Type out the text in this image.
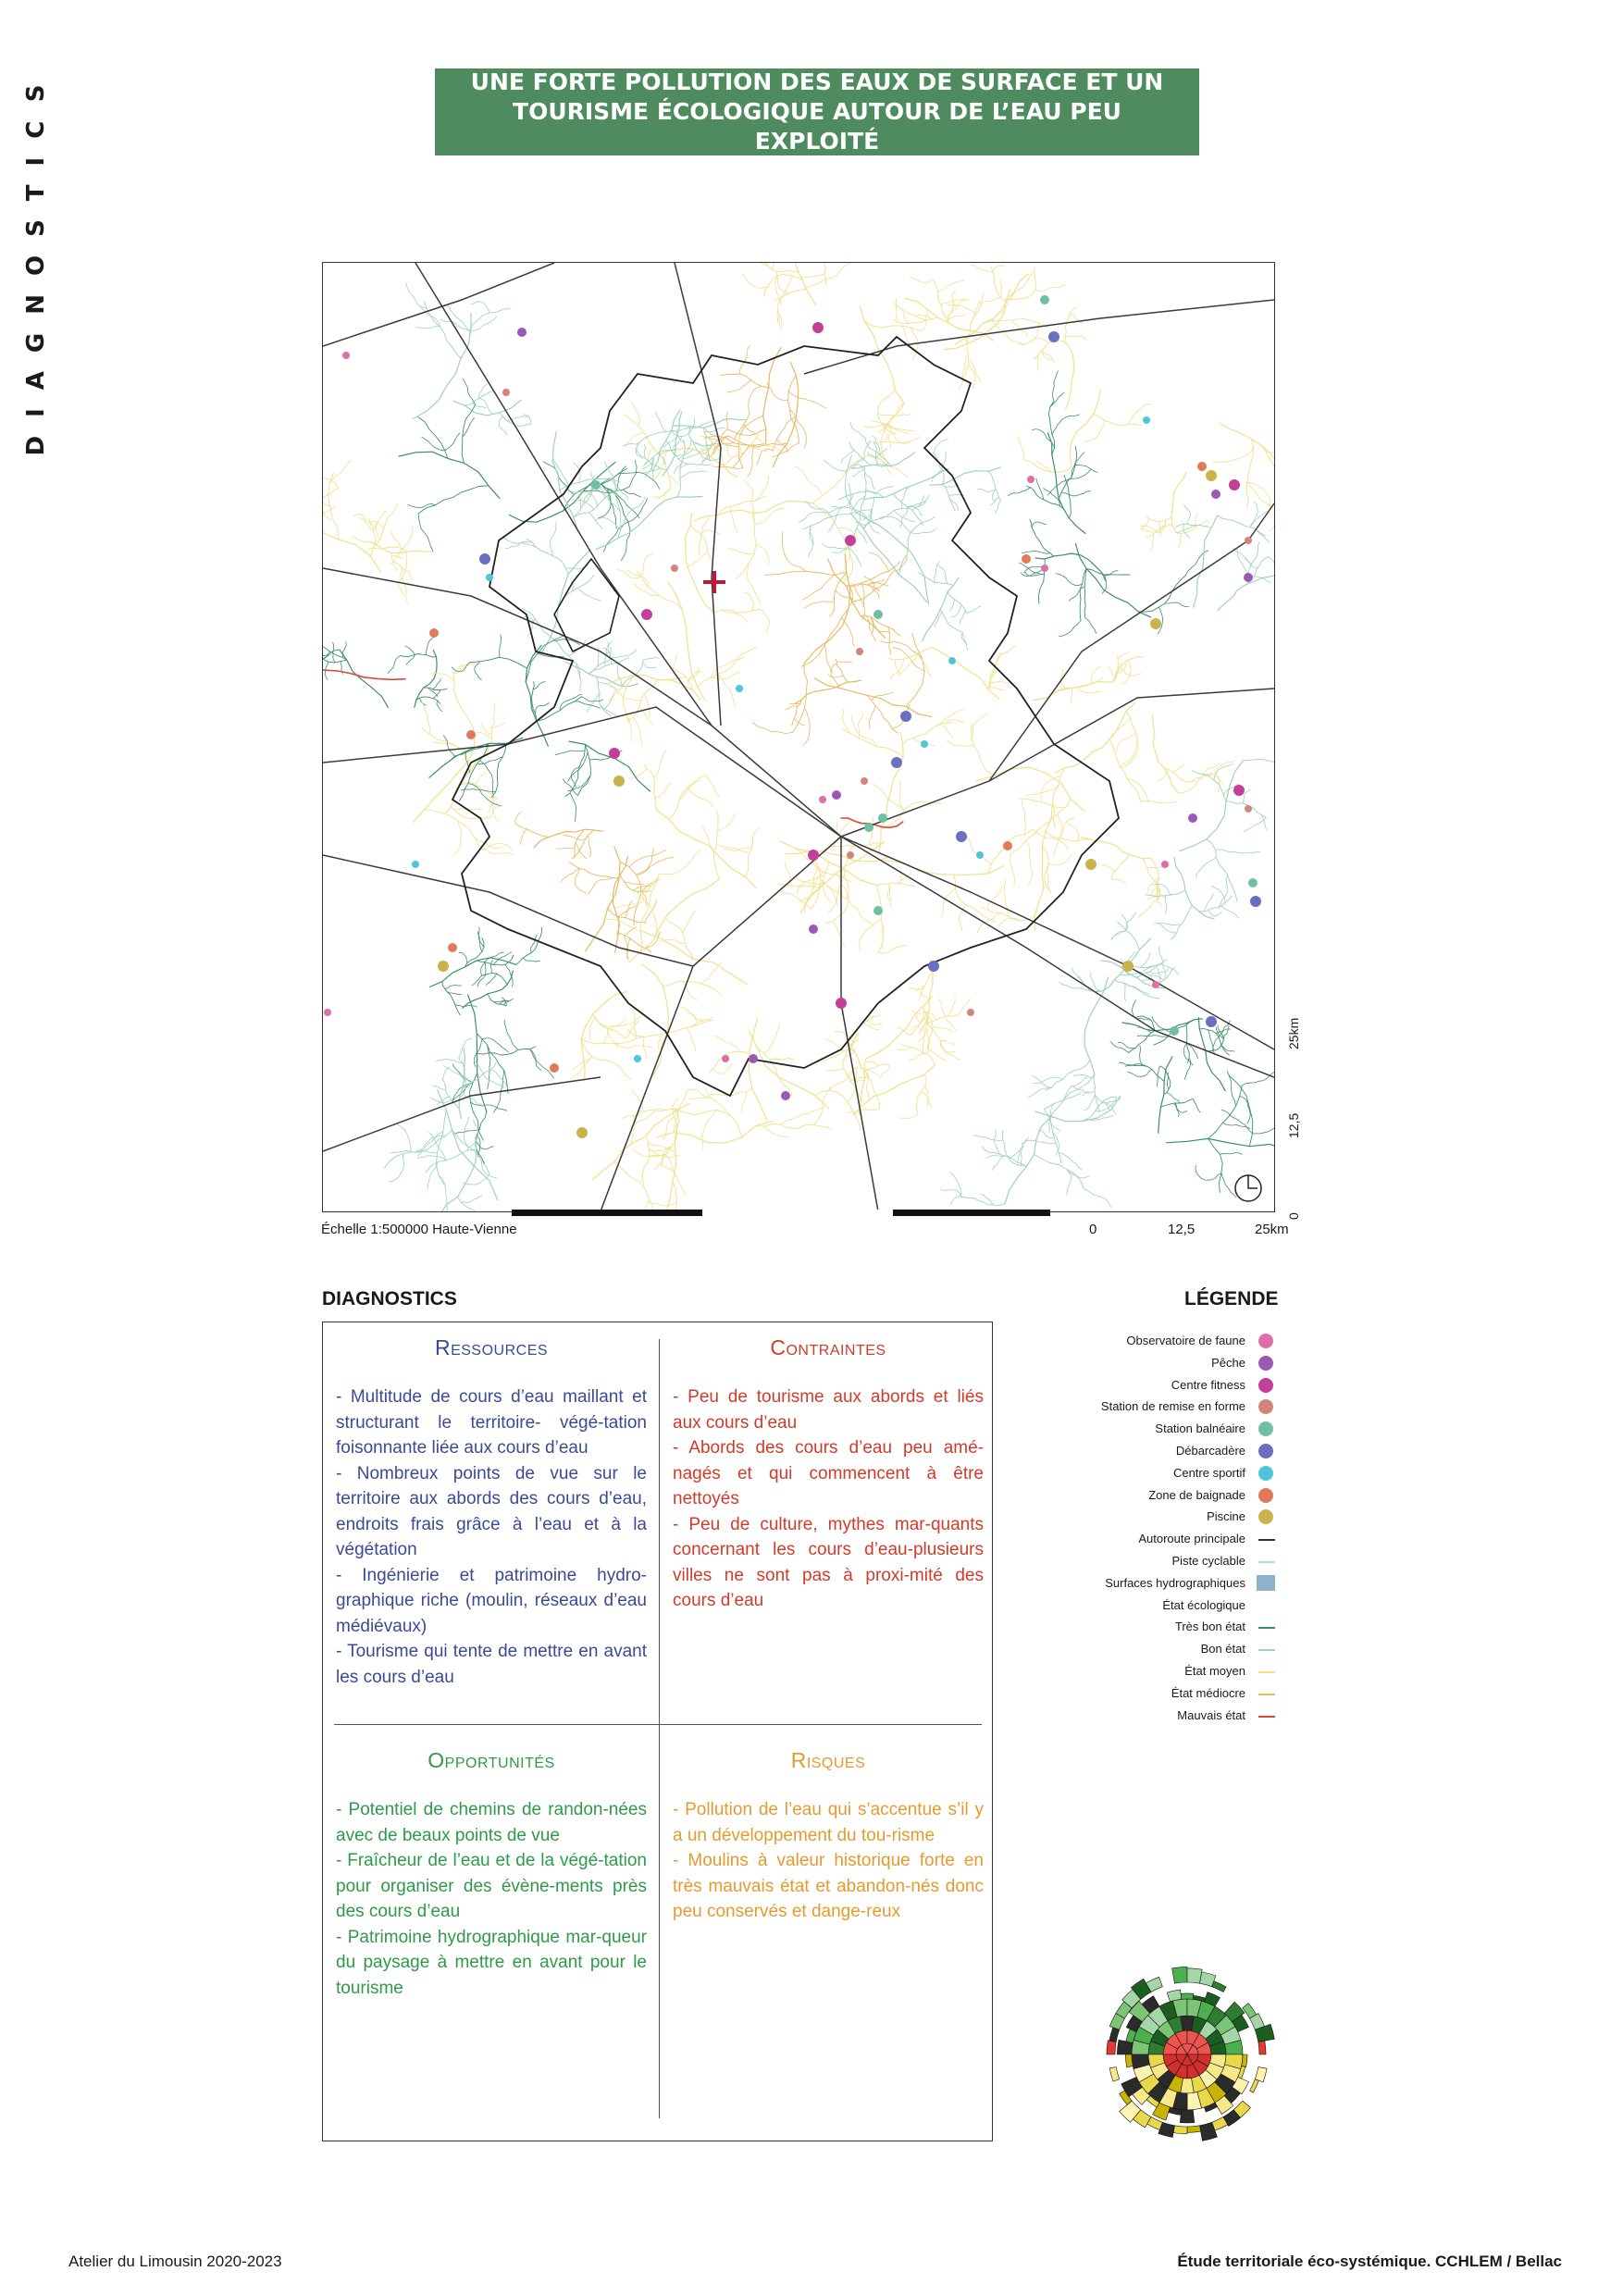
DIAGNOSTICS	UNE FORTE POLLUTION DES EAUX DE SURFACE ET UN
TOURISME ÉCOLOGIQUE AUTOUR DE L’EAU PEU EXPLOITÉ
Échelle 1:500000 Haute-Vienne	0	12,5	25km
0
12,5
25km
DIAGNOSTICS	LÉGENDE
Ressources

- Multitude de cours d’eau maillant et structurant le territoire- végé-tation foisonnante liée aux cours d’eau
- Nombreux points de vue sur le territoire aux abords des cours d’eau, endroits frais grâce à l’eau et à la végétation
- Ingénierie et patrimoine hydro-graphique riche (moulin, réseaux d’eau médiévaux)
- Tourisme qui tente de mettre en avant les cours d’eau

Contraintes

- Peu de tourisme aux abords et liés aux cours d’eau
- Abords des cours d’eau peu amé-nagés et qui commencent à être nettoyés
- Peu de culture, mythes mar-quants concernant les cours d’eau-plusieurs villes ne sont pas à proxi-mité des cours d’eau

Opportunités

- Potentiel de chemins de randon-nées avec de beaux points de vue
- Fraîcheur de l’eau et de la végé-tation pour organiser des évène-ments près des cours d’eau
- Patrimoine hydrographique mar-queur du paysage à mettre en avant pour le tourisme

Risques

- Pollution de l’eau qui s’accentue s’il y a un développement du tou-risme
- Moulins à valeur historique forte en très mauvais état et abandon-nés donc peu conservés et dange-reux

Observatoire de faune
Pêche
Centre fitness
Station de remise en forme
Station balnéaire
Débarcadère
Centre sportif
Zone de baignade
Piscine
Autoroute principale
Piste cyclable
Surfaces hydrographiques
État écologique
Très bon état
Bon état
État moyen
État médiocre
Mauvais état
Atelier du Limousin 2020-2023	Étude territoriale éco-systémique. CCHLEM / Bellac
